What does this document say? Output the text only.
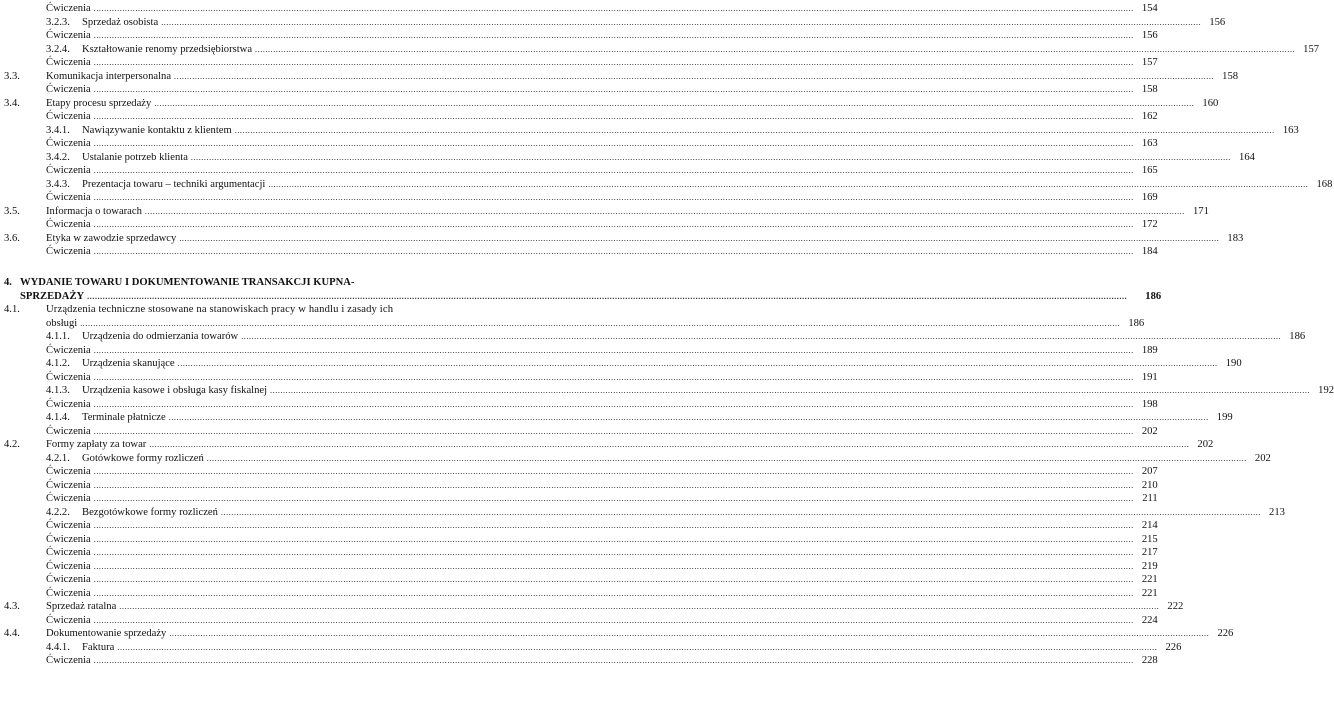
Ćwiczenia ................................................................................................................................................................................................................................................................................................................................................................................................................ 154
3.2.3.	Sprzedaż osobista ................................................................................................................................................................................................................................................................................................................................................................................................................ 156
Ćwiczenia ................................................................................................................................................................................................................................................................................................................................................................................................................ 156
3.2.4.	Kształtowanie renomy przedsiębiorstwa ................................................................................................................................................................................................................................................................................................................................................................................................................ 157
Ćwiczenia ................................................................................................................................................................................................................................................................................................................................................................................................................ 157
3.3.	Komunikacja interpersonalna ................................................................................................................................................................................................................................................................................................................................................................................................................ 158
Ćwiczenia ................................................................................................................................................................................................................................................................................................................................................................................................................ 158
3.4.	Etapy procesu sprzedaży ................................................................................................................................................................................................................................................................................................................................................................................................................ 160
Ćwiczenia ................................................................................................................................................................................................................................................................................................................................................................................................................ 162
3.4.1.	Nawiązywanie kontaktu z klientem ................................................................................................................................................................................................................................................................................................................................................................................................................ 163
Ćwiczenia ................................................................................................................................................................................................................................................................................................................................................................................................................ 163
3.4.2.	Ustalanie potrzeb klienta ................................................................................................................................................................................................................................................................................................................................................................................................................ 164
Ćwiczenia ................................................................................................................................................................................................................................................................................................................................................................................................................ 165
3.4.3.	Prezentacja towaru – techniki argumentacji ................................................................................................................................................................................................................................................................................................................................................................................................................ 168
Ćwiczenia ................................................................................................................................................................................................................................................................................................................................................................................................................ 169
3.5.	Informacja o towarach ................................................................................................................................................................................................................................................................................................................................................................................................................ 171
Ćwiczenia ................................................................................................................................................................................................................................................................................................................................................................................................................ 172
3.6.	Etyka w zawodzie sprzedawcy ................................................................................................................................................................................................................................................................................................................................................................................................................ 183
Ćwiczenia ................................................................................................................................................................................................................................................................................................................................................................................................................ 184
4. WYDANIE TOWARU I DOKUMENTOWANIE TRANSAKCJI KUPNA-
SPRZEDAŻY ................................................................................................................................................................................................................................................................................................................................................................................................................	186
4.1.	Urządzenia techniczne stosowane na stanowiskach pracy w handlu i zasady ich
obsługi ................................................................................................................................................................................................................................................................................................................................................................................................................ 186
4.1.1.	Urządzenia do odmierzania towarów ................................................................................................................................................................................................................................................................................................................................................................................................................ 186
Ćwiczenia ................................................................................................................................................................................................................................................................................................................................................................................................................ 189
4.1.2.	Urządzenia skanujące ................................................................................................................................................................................................................................................................................................................................................................................................................ 190
Ćwiczenia ................................................................................................................................................................................................................................................................................................................................................................................................................ 191
4.1.3.	Urządzenia kasowe i obsługa kasy fiskalnej ................................................................................................................................................................................................................................................................................................................................................................................................................ 192
Ćwiczenia ................................................................................................................................................................................................................................................................................................................................................................................................................ 198
4.1.4.	Terminale płatnicze ................................................................................................................................................................................................................................................................................................................................................................................................................ 199
Ćwiczenia ................................................................................................................................................................................................................................................................................................................................................................................................................ 202
4.2.	Formy zapłaty za towar ................................................................................................................................................................................................................................................................................................................................................................................................................ 202
4.2.1.	Gotówkowe formy rozliczeń ................................................................................................................................................................................................................................................................................................................................................................................................................ 202
Ćwiczenia ................................................................................................................................................................................................................................................................................................................................................................................................................ 207
Ćwiczenia ................................................................................................................................................................................................................................................................................................................................................................................................................ 210
Ćwiczenia ................................................................................................................................................................................................................................................................................................................................................................................................................ 211
4.2.2.	Bezgotówkowe formy rozliczeń ................................................................................................................................................................................................................................................................................................................................................................................................................ 213
Ćwiczenia ................................................................................................................................................................................................................................................................................................................................................................................................................ 214
Ćwiczenia ................................................................................................................................................................................................................................................................................................................................................................................................................ 215
Ćwiczenia ................................................................................................................................................................................................................................................................................................................................................................................................................ 217
Ćwiczenia ................................................................................................................................................................................................................................................................................................................................................................................................................ 219
Ćwiczenia ................................................................................................................................................................................................................................................................................................................................................................................................................ 221
Ćwiczenia ................................................................................................................................................................................................................................................................................................................................................................................................................ 221
4.3.	Sprzedaż ratalna ................................................................................................................................................................................................................................................................................................................................................................................................................ 222
Ćwiczenia ................................................................................................................................................................................................................................................................................................................................................................................................................ 224
4.4.	Dokumentowanie sprzedaży ................................................................................................................................................................................................................................................................................................................................................................................................................ 226
4.4.1.	Faktura ................................................................................................................................................................................................................................................................................................................................................................................................................ 226
Ćwiczenia ................................................................................................................................................................................................................................................................................................................................................................................................................ 228
